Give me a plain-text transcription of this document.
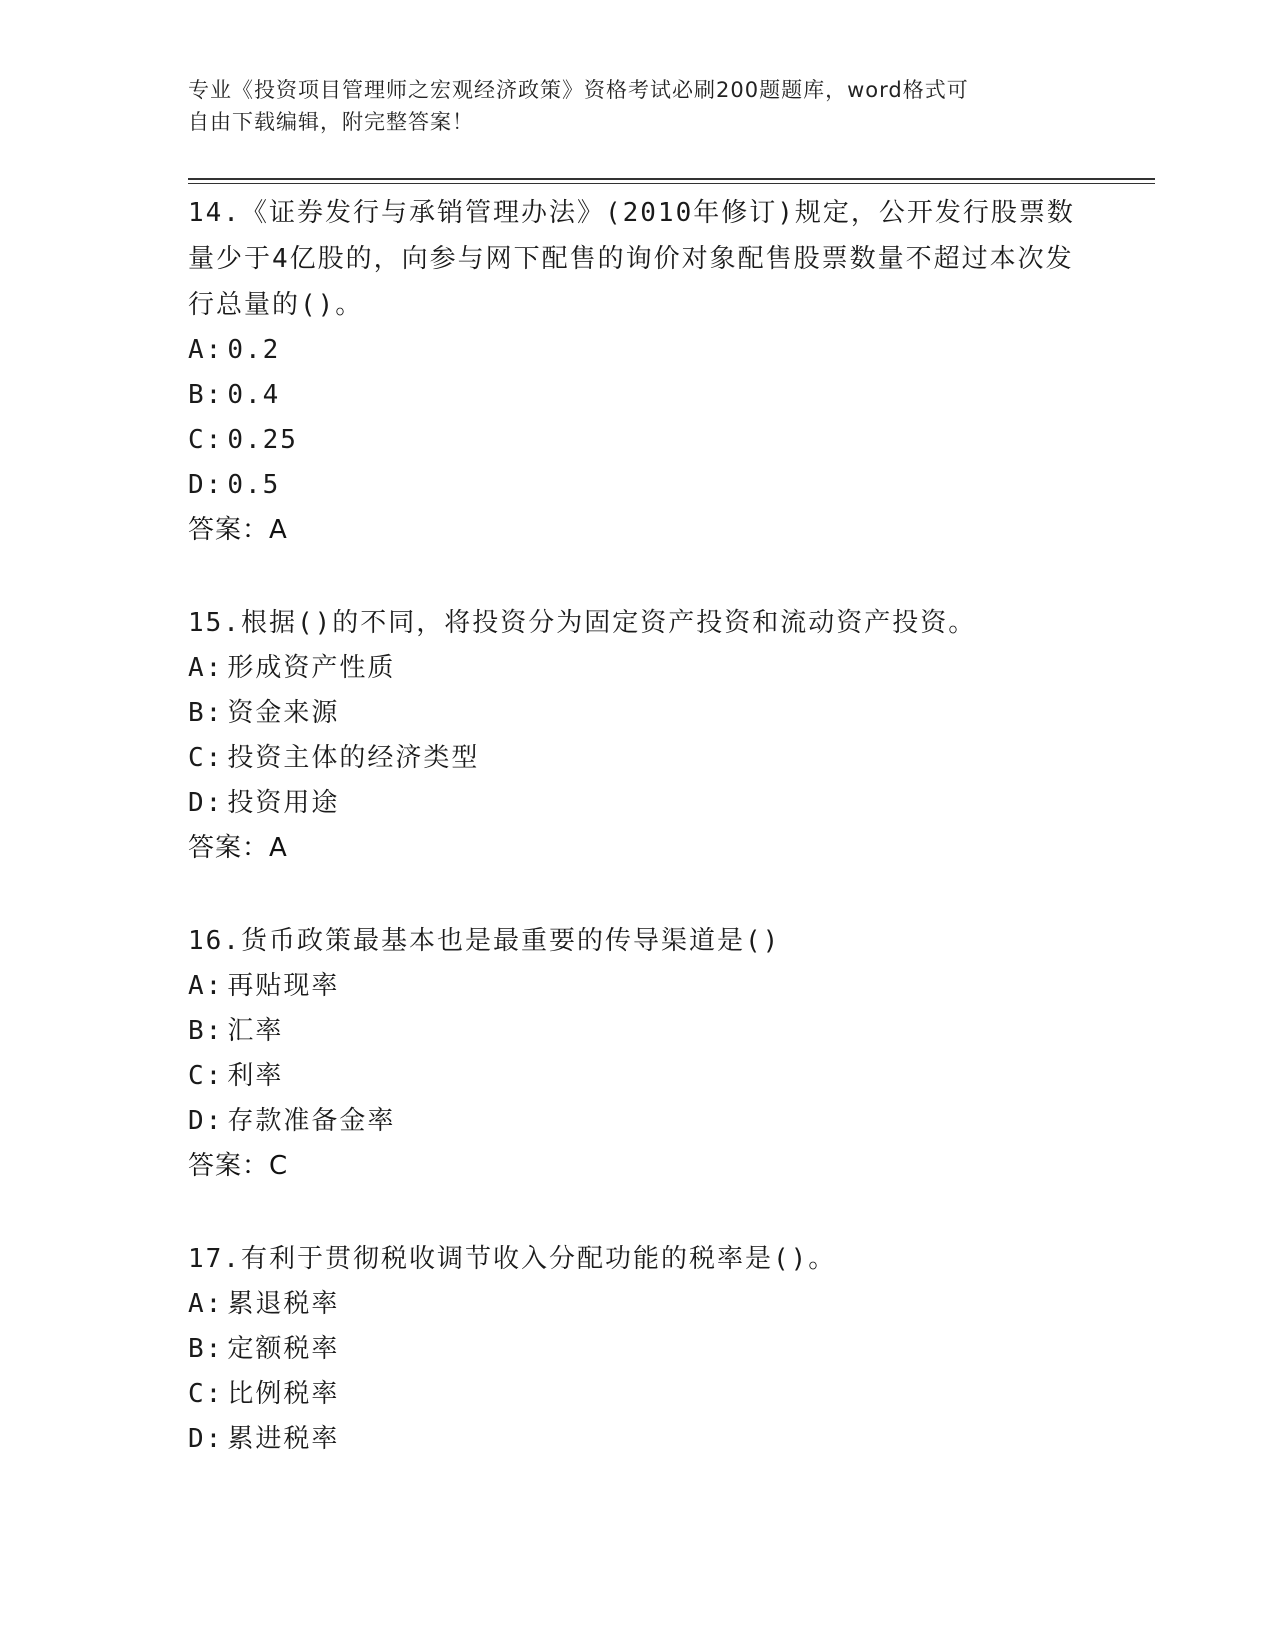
专业《投资项目管理师之宏观经济政策》资格考试必刷200题题库，word格式可
自由下载编辑，附完整答案！

14.《证券发行与承销管理办法》(2010年修订)规定，公开发行股票数量少于4亿股的，向参与网下配售的询价对象配售股票数量不超过本次发行总量的()。

A: 0.2

B: 0.4

C: 0.25

D: 0.5

答案：A

15.根据()的不同，将投资分为固定资产投资和流动资产投资。

A: 形成资产性质

B: 资金来源

C: 投资主体的经济类型

D: 投资用途

答案：A

16.货币政策最基本也是最重要的传导渠道是()

A: 再贴现率

B: 汇率

C: 利率

D: 存款准备金率

答案：C

17.有利于贯彻税收调节收入分配功能的税率是()。

A: 累退税率

B: 定额税率

C: 比例税率

D: 累进税率
